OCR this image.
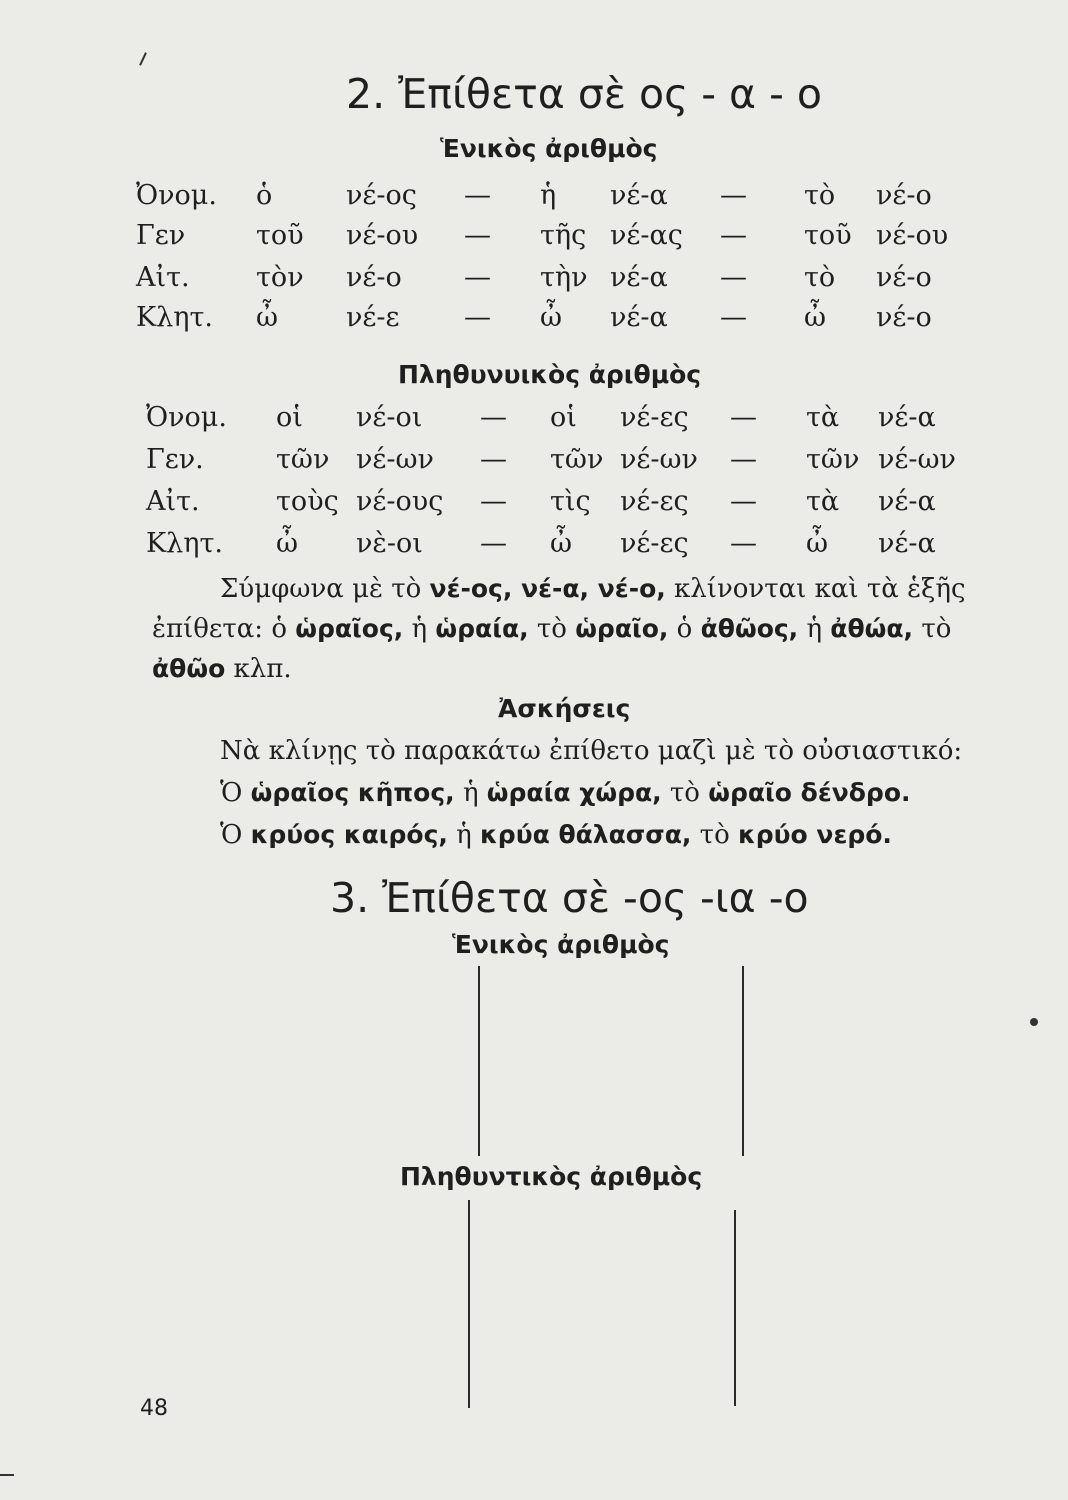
2. Ἐπίθετα σὲ ος - α - ο
Ἑνικὸς ἀριθμὸς
Ὀνομ. ὁ	νέ-ος — ἡ νέ-α — τὸ νέ-ο
Γεν	τοῦ νέ-ου — τῆς νέ-ας — τοῦ νέ-ου
Αἰτ. τὸν νέ-ο — τὴν νέ-α — τὸ νέ-ο
Κλητ. ὦ	νέ-ε — ὦ νέ-α — ὦ νέ-ο
Πληθυνυικὸς ἀριθμὸς
Ὀνομ. οἱ νέ-οι — οἱ νέ-ες — τὰ νέ-α
Γεν.	τῶν νέ-ων — τῶν νέ-ων — τῶν νέ-ων
Αἰτ.	τοὺς νέ-ους — τὶς νέ-ες — τὰ νέ-α
Κλητ. ὦ νὲ-οι — ὦ νέ-ες — ὦ νέ-α
Σύμφωνα μὲ τὸ νέ-ος, νέ-α, νέ-ο, κλίνονται καὶ τὰ ἑξῆς
ἐπίθετα: ὁ ὡραῖος, ἡ ὡραία, τὸ ὡραῖο, ὁ ἀθῶος, ἡ ἀθώα, τὸ
ἀθῶο κλπ.
Ἀσκήσεις
Νὰ κλίνῃς τὸ παρακάτω ἐπίθετο μαζὶ μὲ τὸ οὐσιαστικό:
Ὁ ὡραῖος κῆπος, ἡ ὡραία χώρα, τὸ ὡραῖο δένδρο.
Ὁ κρύος καιρός, ἡ κρύα θάλασσα, τὸ κρύο νερό.
3. Ἐπίθετα σὲ -ος -ια -ο
Ἑνικὸς ἀριθμὸς
Πληθυντικὸς ἀριθμὸς
48
